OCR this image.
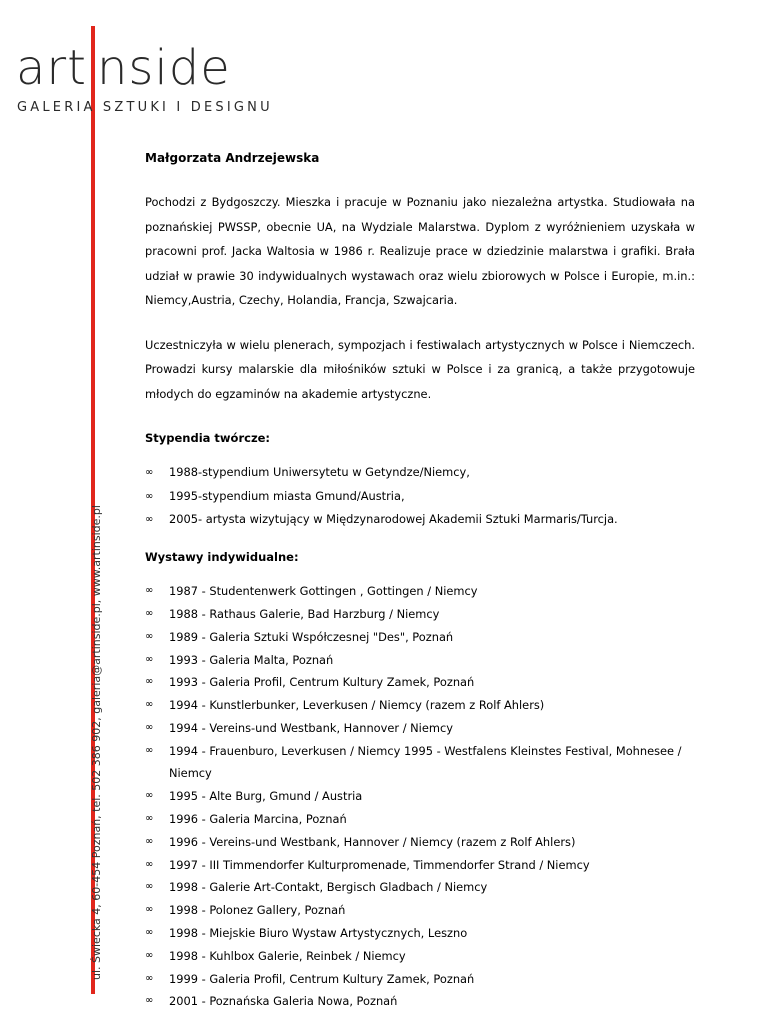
art nside
GALERIA SZTUKI I DESIGNU
ul. Świecka 4, 60-454 Poznań, tel. 502 386 902, galeria@artinside.pl, www.artinside.pl
Małgorzata Andrzejewska

Pochodzi z Bydgoszczy. Mieszka i pracuje w Poznaniu jako niezależna artystka. Studiowała na poznańskiej PWSSP, obecnie UA, na Wydziale Malarstwa. Dyplom z wyróżnieniem uzyskała w pracowni prof. Jacka Waltosia w 1986 r. Realizuje prace w dziedzinie malarstwa i grafiki. Brała udział w prawie 30 indywidualnych wystawach oraz wielu zbiorowych w Polsce i Europie, m.in.: Niemcy,Austria, Czechy, Holandia, Francja, Szwajcaria.

Uczestniczyła w wielu plenerach, sympozjach i festiwalach artystycznych w Polsce i Niemczech. Prowadzi kursy malarskie dla miłośników sztuki w Polsce i za granicą, a także przygotowuje młodych do egzaminów na akademie artystyczne.

Stypendia twórcze:
∞ 1988-stypendium Uniwersytetu w Getyndze/Niemcy,
∞ 1995-stypendium miasta Gmund/Austria,
∞ 2005- artysta wizytujący w Międzynarodowej Akademii Sztuki Marmaris/Turcja.
Wystawy indywidualne:
∞ 1987 - Studentenwerk Gottingen , Gottingen / Niemcy
∞ 1988 - Rathaus Galerie, Bad Harzburg / Niemcy
∞ 1989 - Galeria Sztuki Współczesnej "Des", Poznań
∞ 1993 - Galeria Malta, Poznań
∞ 1993 - Galeria Profil, Centrum Kultury Zamek, Poznań
∞ 1994 - Kunstlerbunker, Leverkusen / Niemcy (razem z Rolf Ahlers)
∞ 1994 - Vereins-und Westbank, Hannover / Niemcy
∞ 1994 - Frauenburo, Leverkusen / Niemcy 1995 - Westfalens Kleinstes Festival, Mohnesee / Niemcy
∞ 1995 - Alte Burg, Gmund / Austria
∞ 1996 - Galeria Marcina, Poznań
∞ 1996 - Vereins-und Westbank, Hannover / Niemcy (razem z Rolf Ahlers)
∞ 1997 - III Timmendorfer Kulturpromenade, Timmendorfer Strand / Niemcy
∞ 1998 - Galerie Art-Contakt, Bergisch Gladbach / Niemcy
∞ 1998 - Polonez Gallery, Poznań
∞ 1998 - Miejskie Biuro Wystaw Artystycznych, Leszno
∞ 1998 - Kuhlbox Galerie, Reinbek / Niemcy
∞ 1999 - Galeria Profil, Centrum Kultury Zamek, Poznań
∞ 2001 - Poznańska Galeria Nowa, Poznań
